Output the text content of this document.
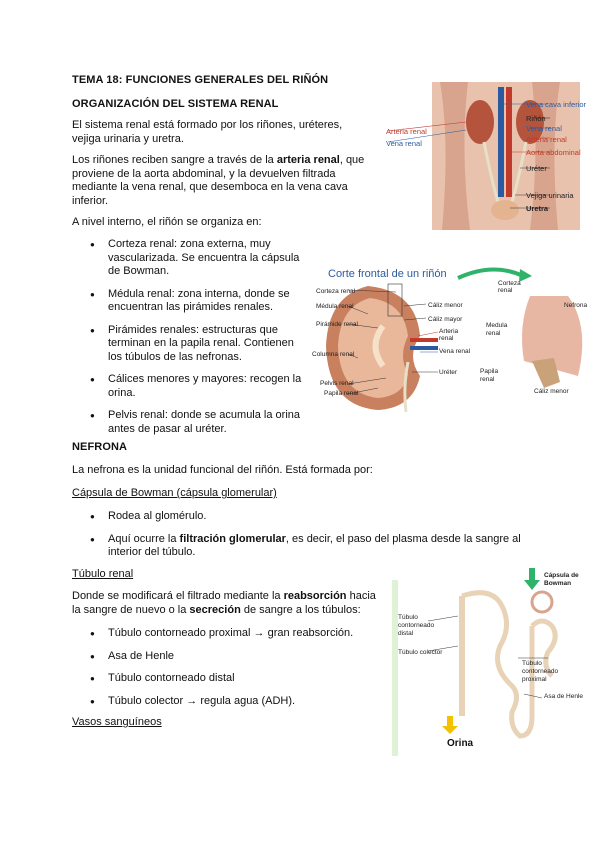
TEMA 18: FUNCIONES GENERALES DEL RIÑÓN
ORGANIZACIÓN DEL SISTEMA RENAL

El sistema renal está formado por los riñones, uréteres, vejiga urinaria y uretra.

Los riñones reciben sangre a través de la arteria renal, que proviene de la aorta abdominal, y la devuelven filtrada mediante la vena renal, que desemboca en la vena cava inferior.

A nivel interno, el riñón se organiza en:

● Corteza renal: zona externa, muy vascularizada. Se encuentra la cápsula de Bowman.
● Médula renal: zona interna, donde se encuentran las pirámides renales.
● Pirámides renales: estructuras que terminan en la papila renal. Contienen los túbulos de las nefronas.
● Cálices menores y mayores: recogen la orina.
● Pelvis renal: donde se acumula la orina antes de pasar al uréter.
NEFRONA

La nefrona es la unidad funcional del riñón. Está formada por:

Cápsula de Bowman (cápsula glomerular)

● Rodea al glomérulo.
● Aquí ocurre la filtración glomerular, es decir, el paso del plasma desde la sangre al interior del túbulo.

Túbulo renal

Donde se modificará el filtrado mediante la reabsorción hacia la sangre de nuevo o la secreción de sangre a los túbulos:

● Túbulo contorneado proximal → gran reabsorción.
● Asa de Henle
● Túbulo contorneado distal
● Túbulo colector → regula agua (ADH).

Vasos sanguíneos

Arteria renal
Vena renal
Vena cava inferior
Riñón
Vena renal
Arteria renal
Aorta abdominal
Uréter
Vejiga urinaria
Uretra
Corte frontal de un riñón
Corteza renal
Médula renal
Pirámide renal
Columna renal
Pelvis renal
Papila renal
Cáliz menor
Cáliz mayor
Arteria renal
Vena renal
Uréter
Corteza renal
Nefrona
Medula renal
Papila renal
Cáliz menor
Cápsula de Bowman
Túbulo contorneado distal
Túbulo colector
Túbulo contorneado proximal
Asa de Henle
Orina
